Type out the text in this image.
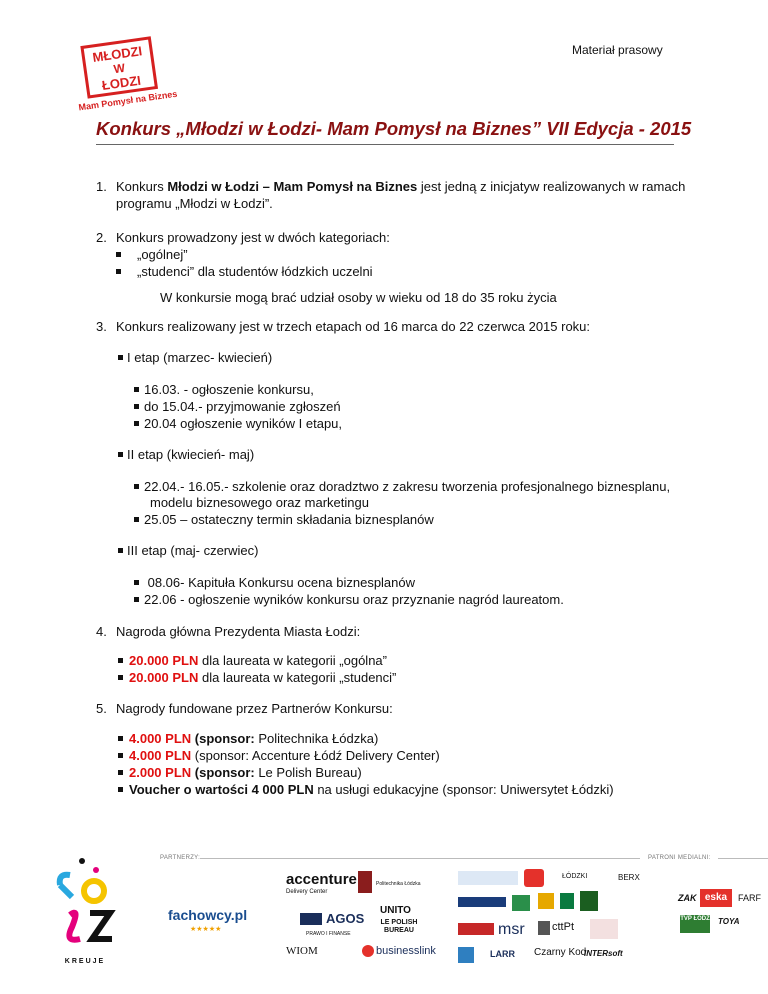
Materiał prasowy
MŁODZI
W
ŁODZI
Mam Pomysł na Biznes
Konkurs „Młodzi w Łodzi- Mam Pomysł na Biznes” VII Edycja - 2015
1. Konkurs Młodzi w Łodzi – Mam Pomysł na Biznes jest jedną z inicjatyw realizowanych w ramach
programu „Młodzi w Łodzi”.
2. Konkurs prowadzony jest w dwóch kategoriach:
„ogólnej”
„studenci” dla studentów łódzkich uczelni
W konkursie mogą brać udział osoby w wieku od 18 do 35 roku życia
3. Konkurs realizowany jest w trzech etapach od 16 marca do 22 czerwca 2015 roku:
I etap (marzec- kwiecień)
16.03. - ogłoszenie konkursu,
do 15.04.- przyjmowanie zgłoszeń
20.04 ogłoszenie wyników I etapu,
II etap (kwiecień- maj)
22.04.- 16.05.- szkolenie oraz doradztwo z zakresu tworzenia profesjonalnego biznesplanu,
modelu biznesowego oraz marketingu
25.05 – ostateczny termin składania biznesplanów
III etap (maj- czerwiec)
08.06- Kapituła Konkursu ocena biznesplanów
22.06 - ogłoszenie wyników konkursu oraz przyznanie nagród laureatom.
4. Nagroda główna Prezydenta Miasta Łodzi:
20.000 PLN dla laureata w kategorii „ogólna”
20.000 PLN dla laureata w kategorii „studenci”
5. Nagrody fundowane przez Partnerów Konkursu:
4.000 PLN (sponsor: Politechnika Łódzka)
4.000 PLN (sponsor: Accenture Łódź Delivery Center)
2.000 PLN (sponsor: Le Polish Bureau)
Voucher o wartości 4 000 PLN na usługi edukacyjne (sponsor: Uniwersytet Łódzki)
KREUJE
PARTNERZY:	PATRONI MEDIALNI:
accenture
Delivery Center
Politechnika Łódzka
fachowcy.pl
★★★★★
AGOS
PRAWO I FINANSE
UNITO
LE POLISH BUREAU
WIOM	businesslink
ŁÓDZKI	BERX
msr cttPt
LARR Czarny Kod
INTERsoft
ZAK eska	FARF
TVP ŁÓDŹ TOYA
